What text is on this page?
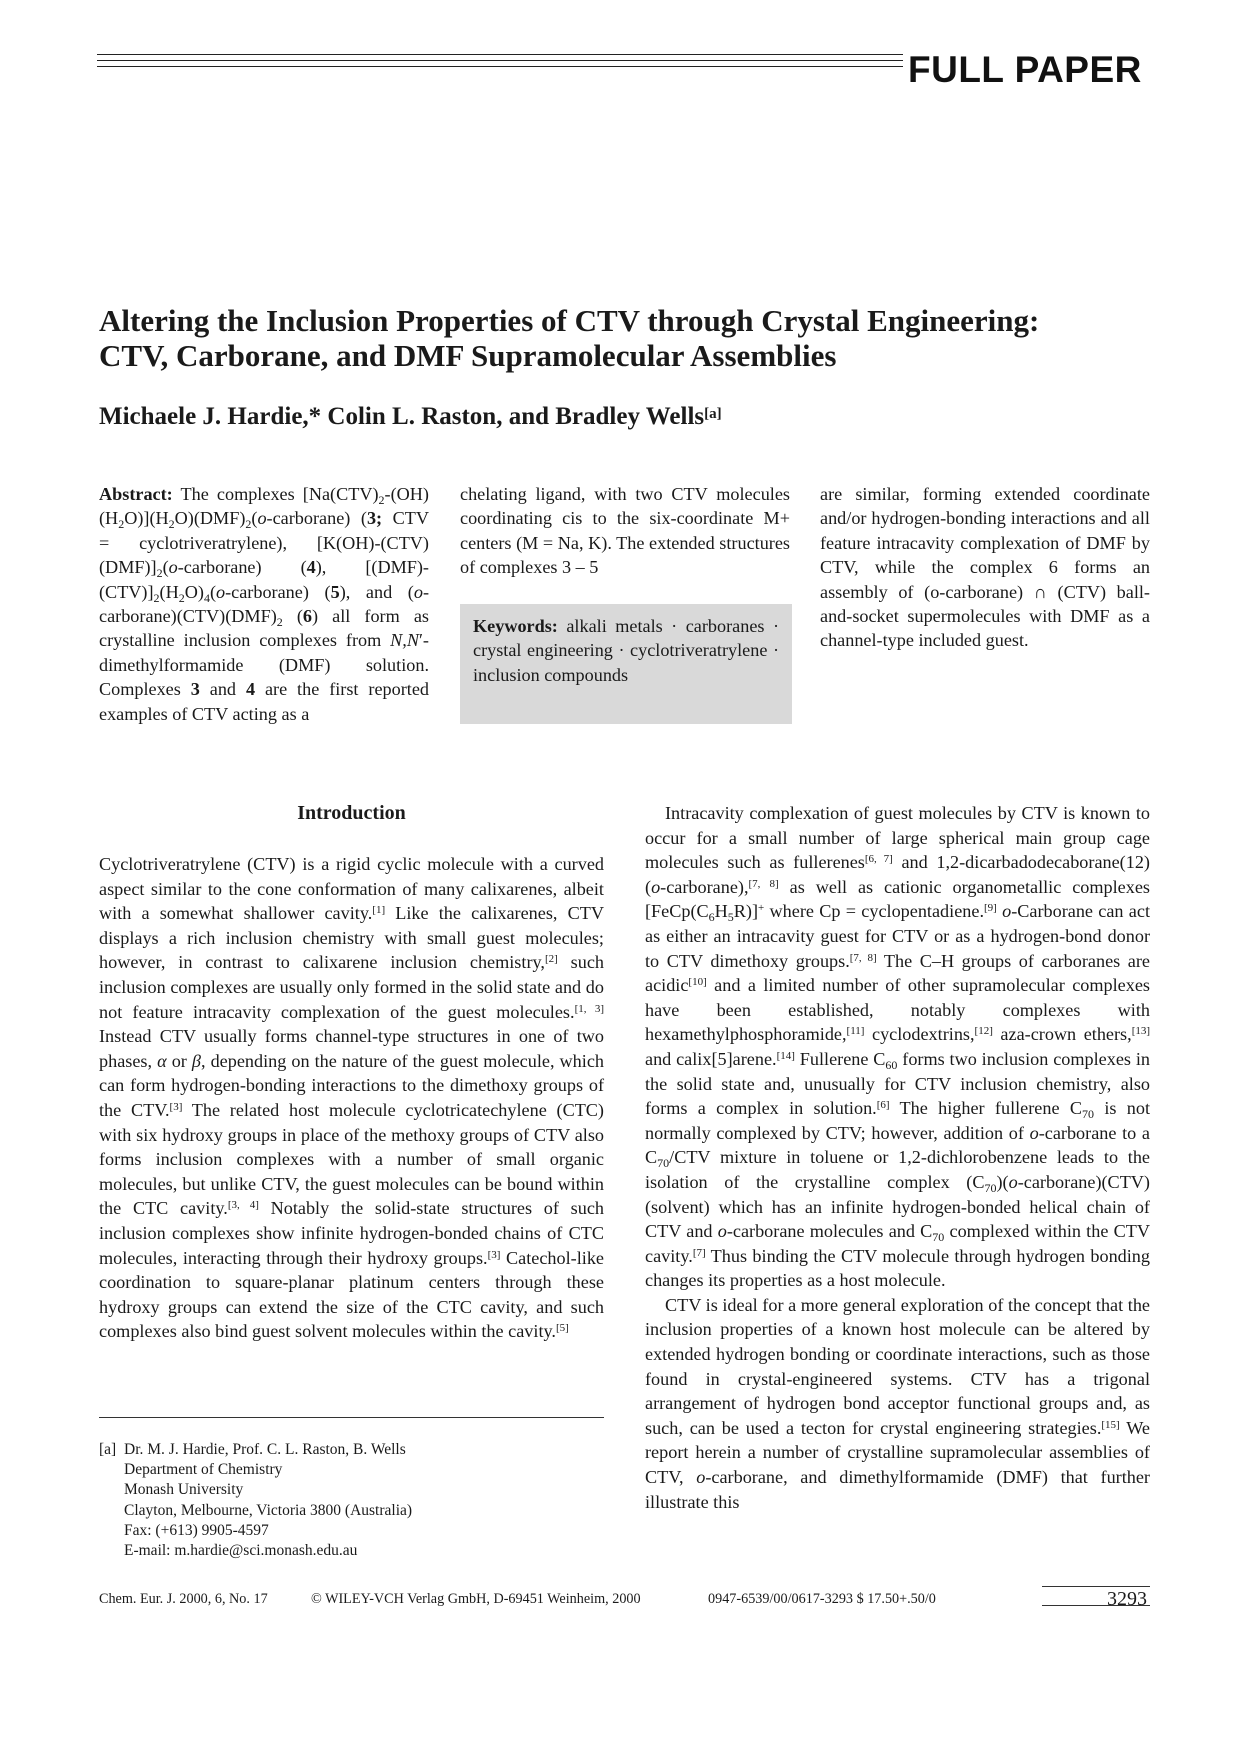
FULL PAPER
Altering the Inclusion Properties of CTV through Crystal Engineering:
CTV, Carborane, and DMF Supramolecular Assemblies

Michaele J. Hardie,* Colin L. Raston, and Bradley Wells[a]

Abstract: The complexes $[Na(CTV)_2-(OH)(H_2O)](H_2O)(DMF)_2(o-carborane)$ (3; CTV = cyclotriveratrylene), $[K(OH)-(CTV)(DMF)]_2(o-carborane)$ (4), $[(DMF)-(CTV)]_2(H_2O)_4(o-carborane)$ (5), and $(o-carborane)(CTV)(DMF)_2$ (6) all form as crystalline inclusion complexes from N,N′-dimethylformamide (DMF) solution. Complexes 3 and 4 are the first reported examples of CTV acting as a

chelating ligand, with two CTV molecules coordinating cis to the six-coordinate M+ centers (M = Na, K). The extended structures of complexes 3 – 5

Keywords: alkali metals · carboranes · crystal engineering · cyclotriveratrylene · inclusion compounds

are similar, forming extended coordinate and/or hydrogen-bonding interactions and all feature intracavity complexation of DMF by CTV, while the complex 6 forms an assembly of (o-carborane) ∩ (CTV) ball-and-socket supermolecules with DMF as a channel-type included guest.

Introduction

Cyclotriveratrylene (CTV) is a rigid cyclic molecule with a curved aspect similar to the cone conformation of many calixarenes, albeit with a somewhat shallower cavity.[1] Like the calixarenes, CTV displays a rich inclusion chemistry with small guest molecules; however, in contrast to calixarene inclusion chemistry,[2] such inclusion complexes are usually only formed in the solid state and do not feature intracavity complexation of the guest molecules.[1, 3] Instead CTV usually forms channel-type structures in one of two phases, α or β, depending on the nature of the guest molecule, which can form hydrogen-bonding interactions to the dimethoxy groups of the CTV.[3] The related host molecule cyclotricatechylene (CTC) with six hydroxy groups in place of the methoxy groups of CTV also forms inclusion complexes with a number of small organic molecules, but unlike CTV, the guest molecules can be bound within the CTC cavity.[3, 4] Notably the solid-state structures of such inclusion complexes show infinite hydrogen-bonded chains of CTC molecules, interacting through their hydroxy groups.[3] Catechol-like coordination to square-planar platinum centers through these hydroxy groups can extend the size of the CTC cavity, and such complexes also bind guest solvent molecules within the cavity.[5]

[a] Dr. M. J. Hardie, Prof. C. L. Raston, B. Wells
Department of Chemistry
Monash University
Clayton, Melbourne, Victoria 3800 (Australia)
Fax: (+613) 9905-4597
E-mail: m.hardie@sci.monash.edu.au

Intracavity complexation of guest molecules by CTV is known to occur for a small number of large spherical main group cage molecules such as fullerenes[6, 7] and 1,2-dicarbadodecaborane(12) (o-carborane),[7, 8] as well as cationic organometallic complexes $[FeCp(C_6H_5R)]^+$ where Cp = cyclopentadiene.[9] o-Carborane can act as either an intracavity guest for CTV or as a hydrogen-bond donor to CTV dimethoxy groups.[7, 8] The C–H groups of carboranes are acidic[10] and a limited number of other supramolecular complexes have been established, notably complexes with hexamethylphosphoramide,[11] cyclodextrins,[12] aza-crown ethers,[13] and calix[5]arene.[14] Fullerene $C_{60}$ forms two inclusion complexes in the solid state and, unusually for CTV inclusion chemistry, also forms a complex in solution.[6] The higher fullerene $C_{70}$ is not normally complexed by CTV; however, addition of o-carborane to a $C_{70}$/CTV mixture in toluene or 1,2-dichlorobenzene leads to the isolation of the crystalline complex $(C_{70})(o-carborane)(CTV)(solvent)$ which has an infinite hydrogen-bonded helical chain of CTV and o-carborane molecules and $C_{70}$ complexed within the CTV cavity.[7] Thus binding the CTV molecule through hydrogen bonding changes its properties as a host molecule.

CTV is ideal for a more general exploration of the concept that the inclusion properties of a known host molecule can be altered by extended hydrogen bonding or coordinate interactions, such as those found in crystal-engineered systems. CTV has a trigonal arrangement of hydrogen bond acceptor functional groups and, as such, can be used a tecton for crystal engineering strategies.[15] We report herein a number of crystalline supramolecular assemblies of CTV, o-carborane, and dimethylformamide (DMF) that further illustrate this

Chem. Eur. J. 2000, 6, No. 17	© WILEY-VCH Verlag GmbH, D-69451 Weinheim, 2000	0947-6539/00/0617-3293 $ 17.50+.50/0	3293
